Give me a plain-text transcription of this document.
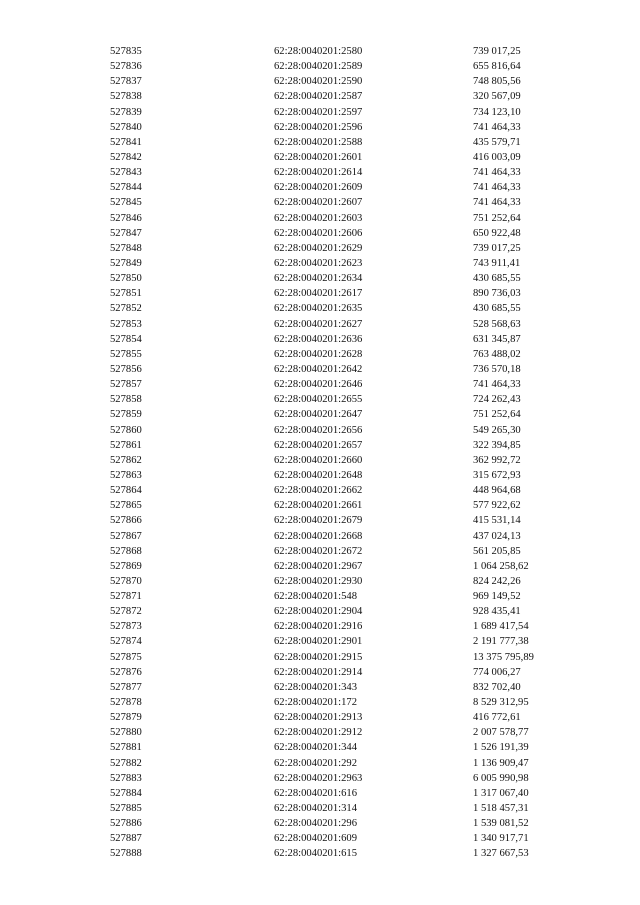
527835	62:28:0040201:2580	739 017,25
527836	62:28:0040201:2589	655 816,64
527837	62:28:0040201:2590	748 805,56
527838	62:28:0040201:2587	320 567,09
527839	62:28:0040201:2597	734 123,10
527840	62:28:0040201:2596	741 464,33
527841	62:28:0040201:2588	435 579,71
527842	62:28:0040201:2601	416 003,09
527843	62:28:0040201:2614	741 464,33
527844	62:28:0040201:2609	741 464,33
527845	62:28:0040201:2607	741 464,33
527846	62:28:0040201:2603	751 252,64
527847	62:28:0040201:2606	650 922,48
527848	62:28:0040201:2629	739 017,25
527849	62:28:0040201:2623	743 911,41
527850	62:28:0040201:2634	430 685,55
527851	62:28:0040201:2617	890 736,03
527852	62:28:0040201:2635	430 685,55
527853	62:28:0040201:2627	528 568,63
527854	62:28:0040201:2636	631 345,87
527855	62:28:0040201:2628	763 488,02
527856	62:28:0040201:2642	736 570,18
527857	62:28:0040201:2646	741 464,33
527858	62:28:0040201:2655	724 262,43
527859	62:28:0040201:2647	751 252,64
527860	62:28:0040201:2656	549 265,30
527861	62:28:0040201:2657	322 394,85
527862	62:28:0040201:2660	362 992,72
527863	62:28:0040201:2648	315 672,93
527864	62:28:0040201:2662	448 964,68
527865	62:28:0040201:2661	577 922,62
527866	62:28:0040201:2679	415 531,14
527867	62:28:0040201:2668	437 024,13
527868	62:28:0040201:2672	561 205,85
527869	62:28:0040201:2967	1 064 258,62
527870	62:28:0040201:2930	824 242,26
527871	62:28:0040201:548	969 149,52
527872	62:28:0040201:2904	928 435,41
527873	62:28:0040201:2916	1 689 417,54
527874	62:28:0040201:2901	2 191 777,38
527875	62:28:0040201:2915	13 375 795,89
527876	62:28:0040201:2914	774 006,27
527877	62:28:0040201:343	832 702,40
527878	62:28:0040201:172	8 529 312,95
527879	62:28:0040201:2913	416 772,61
527880	62:28:0040201:2912	2 007 578,77
527881	62:28:0040201:344	1 526 191,39
527882	62:28:0040201:292	1 136 909,47
527883	62:28:0040201:2963	6 005 990,98
527884	62:28:0040201:616	1 317 067,40
527885	62:28:0040201:314	1 518 457,31
527886	62:28:0040201:296	1 539 081,52
527887	62:28:0040201:609	1 340 917,71
527888	62:28:0040201:615	1 327 667,53
